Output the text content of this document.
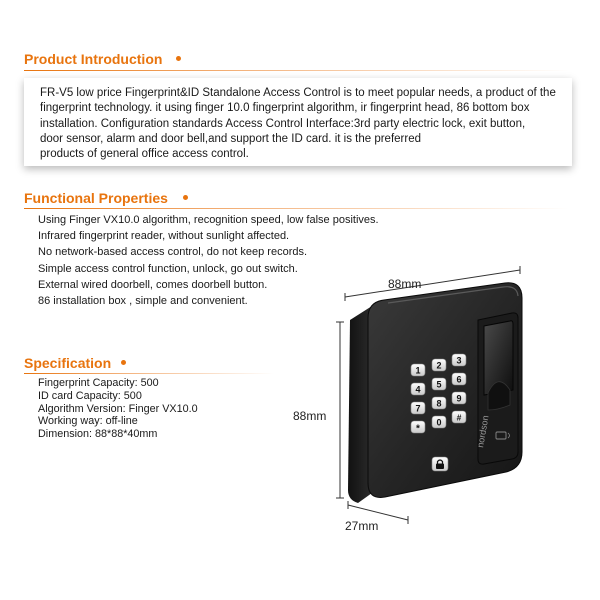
Product Introduction
FR-V5 low price Fingerprint&ID Standalone Access Control is to meet popular needs, a product of the
fingerprint technology. it using finger 10.0 fingerprint algorithm, ir fingerprint head, 86 bottom box
installation. Configuration standards Access Control Interface:3rd party electric lock, exit button,
door sensor, alarm and door bell,and support the ID card. it is the preferred
products of general office access control.
Functional Properties
Using Finger VX10.0 algorithm, recognition speed, low false positives.
Infrared fingerprint reader, without sunlight affected.
No network-based access control, do not keep records.
Simple access control function, unlock, go out switch.
External wired doorbell, comes doorbell button.
86 installation box , simple and convenient.
Specification
Fingerprint Capacity: 500
ID card Capacity: 500
Algorithm Version: Finger VX10.0
Working way: off-line
Dimension: 88*88*40mm	nordson
1 2 3
4 5 6
7 8 9
*
0 #
88mm
88mm
27mm
